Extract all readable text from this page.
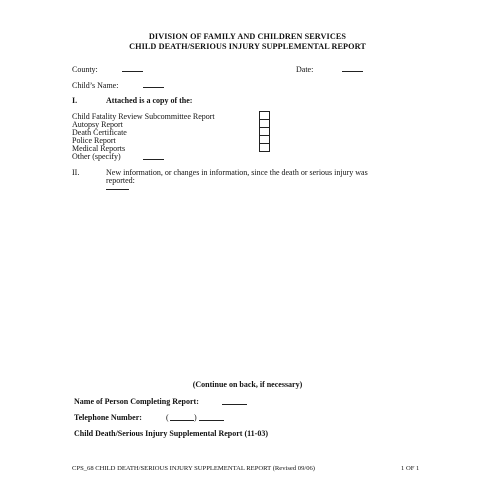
DIVISION OF FAMILY AND CHILDREN SERVICES
CHILD DEATH/SERIOUS INJURY SUPPLEMENTAL REPORT
County:	Date:
Child’s Name:
I.	Attached is a copy of the:
Child Fatality Review Subcommittee Report
Autopsy Report
Death Certificate
Police Report
Medical Reports
Other (specify)
II.	New information, or changes in information, since the death or serious injury was
reported:
(Continue on back, if necessary)
Name of Person Completing Report:
Telephone Number:	(	)
Child Death/Serious Injury Supplemental Report (11-03)
CPS_68 CHILD DEATH/SERIOUS INJURY SUPPLEMENTAL REPORT (Revised 09/06)	1 OF 1
